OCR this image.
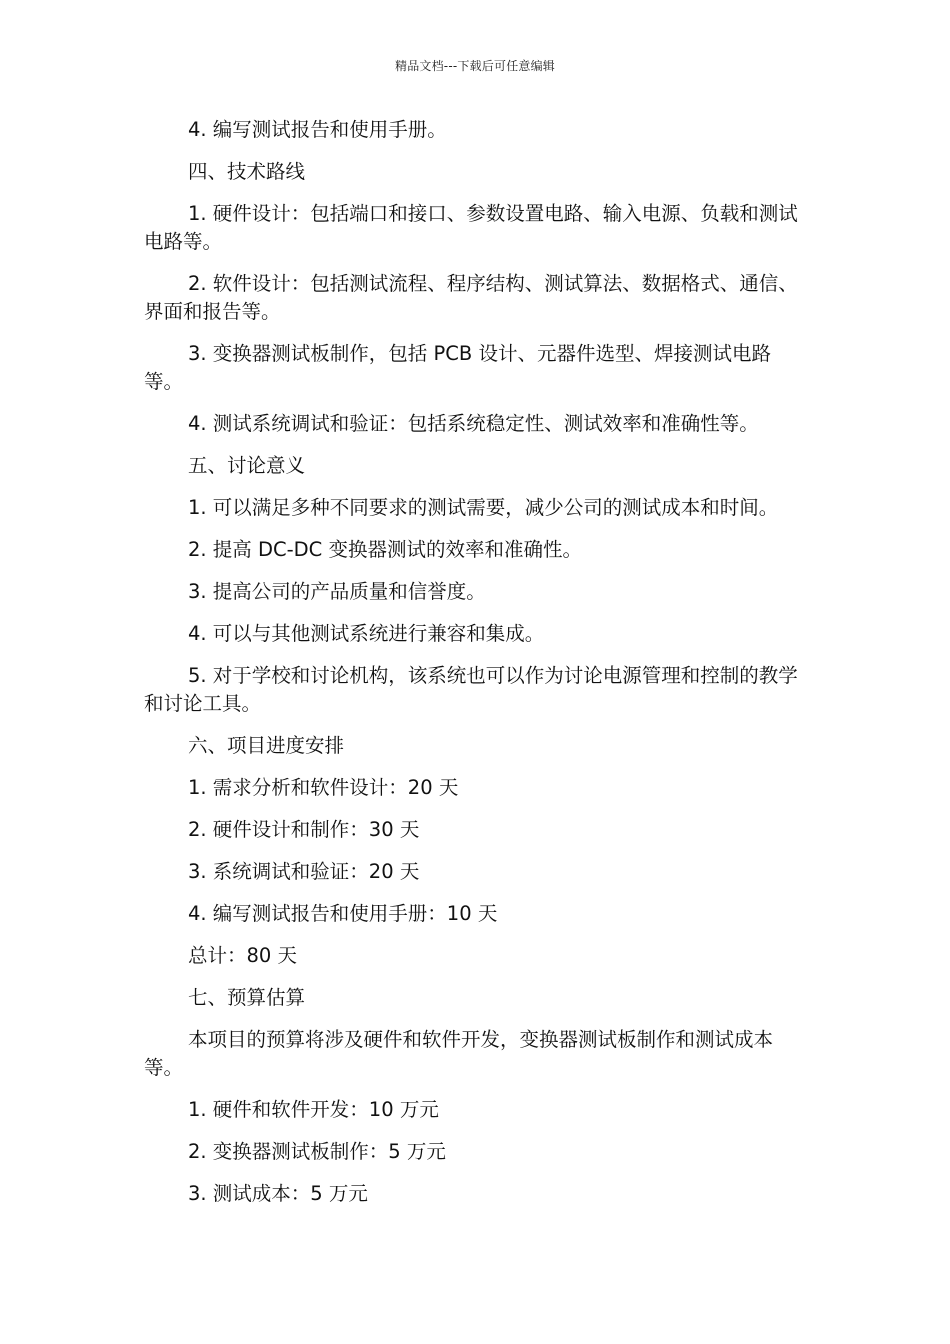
精品文档---下载后可任意编辑

4. 编写测试报告和使用手册。

四、技术路线

1. 硬件设计：包括端口和接口、参数设置电路、输入电源、负载和测试电路等。

2. 软件设计：包括测试流程、程序结构、测试算法、数据格式、通信、界面和报告等。

3. 变换器测试板制作，包括 PCB 设计、元器件选型、焊接测试电路等。

4. 测试系统调试和验证：包括系统稳定性、测试效率和准确性等。

五、讨论意义

1. 可以满足多种不同要求的测试需要，减少公司的测试成本和时间。

2. 提高 DC-DC 变换器测试的效率和准确性。

3. 提高公司的产品质量和信誉度。

4. 可以与其他测试系统进行兼容和集成。

5. 对于学校和讨论机构，该系统也可以作为讨论电源管理和控制的教学和讨论工具。

六、项目进度安排

1. 需求分析和软件设计：20 天

2. 硬件设计和制作：30 天

3. 系统调试和验证：20 天

4. 编写测试报告和使用手册：10 天

总计：80 天

七、预算估算

本项目的预算将涉及硬件和软件开发，变换器测试板制作和测试成本等。

1. 硬件和软件开发：10 万元

2. 变换器测试板制作：5 万元

3. 测试成本：5 万元
